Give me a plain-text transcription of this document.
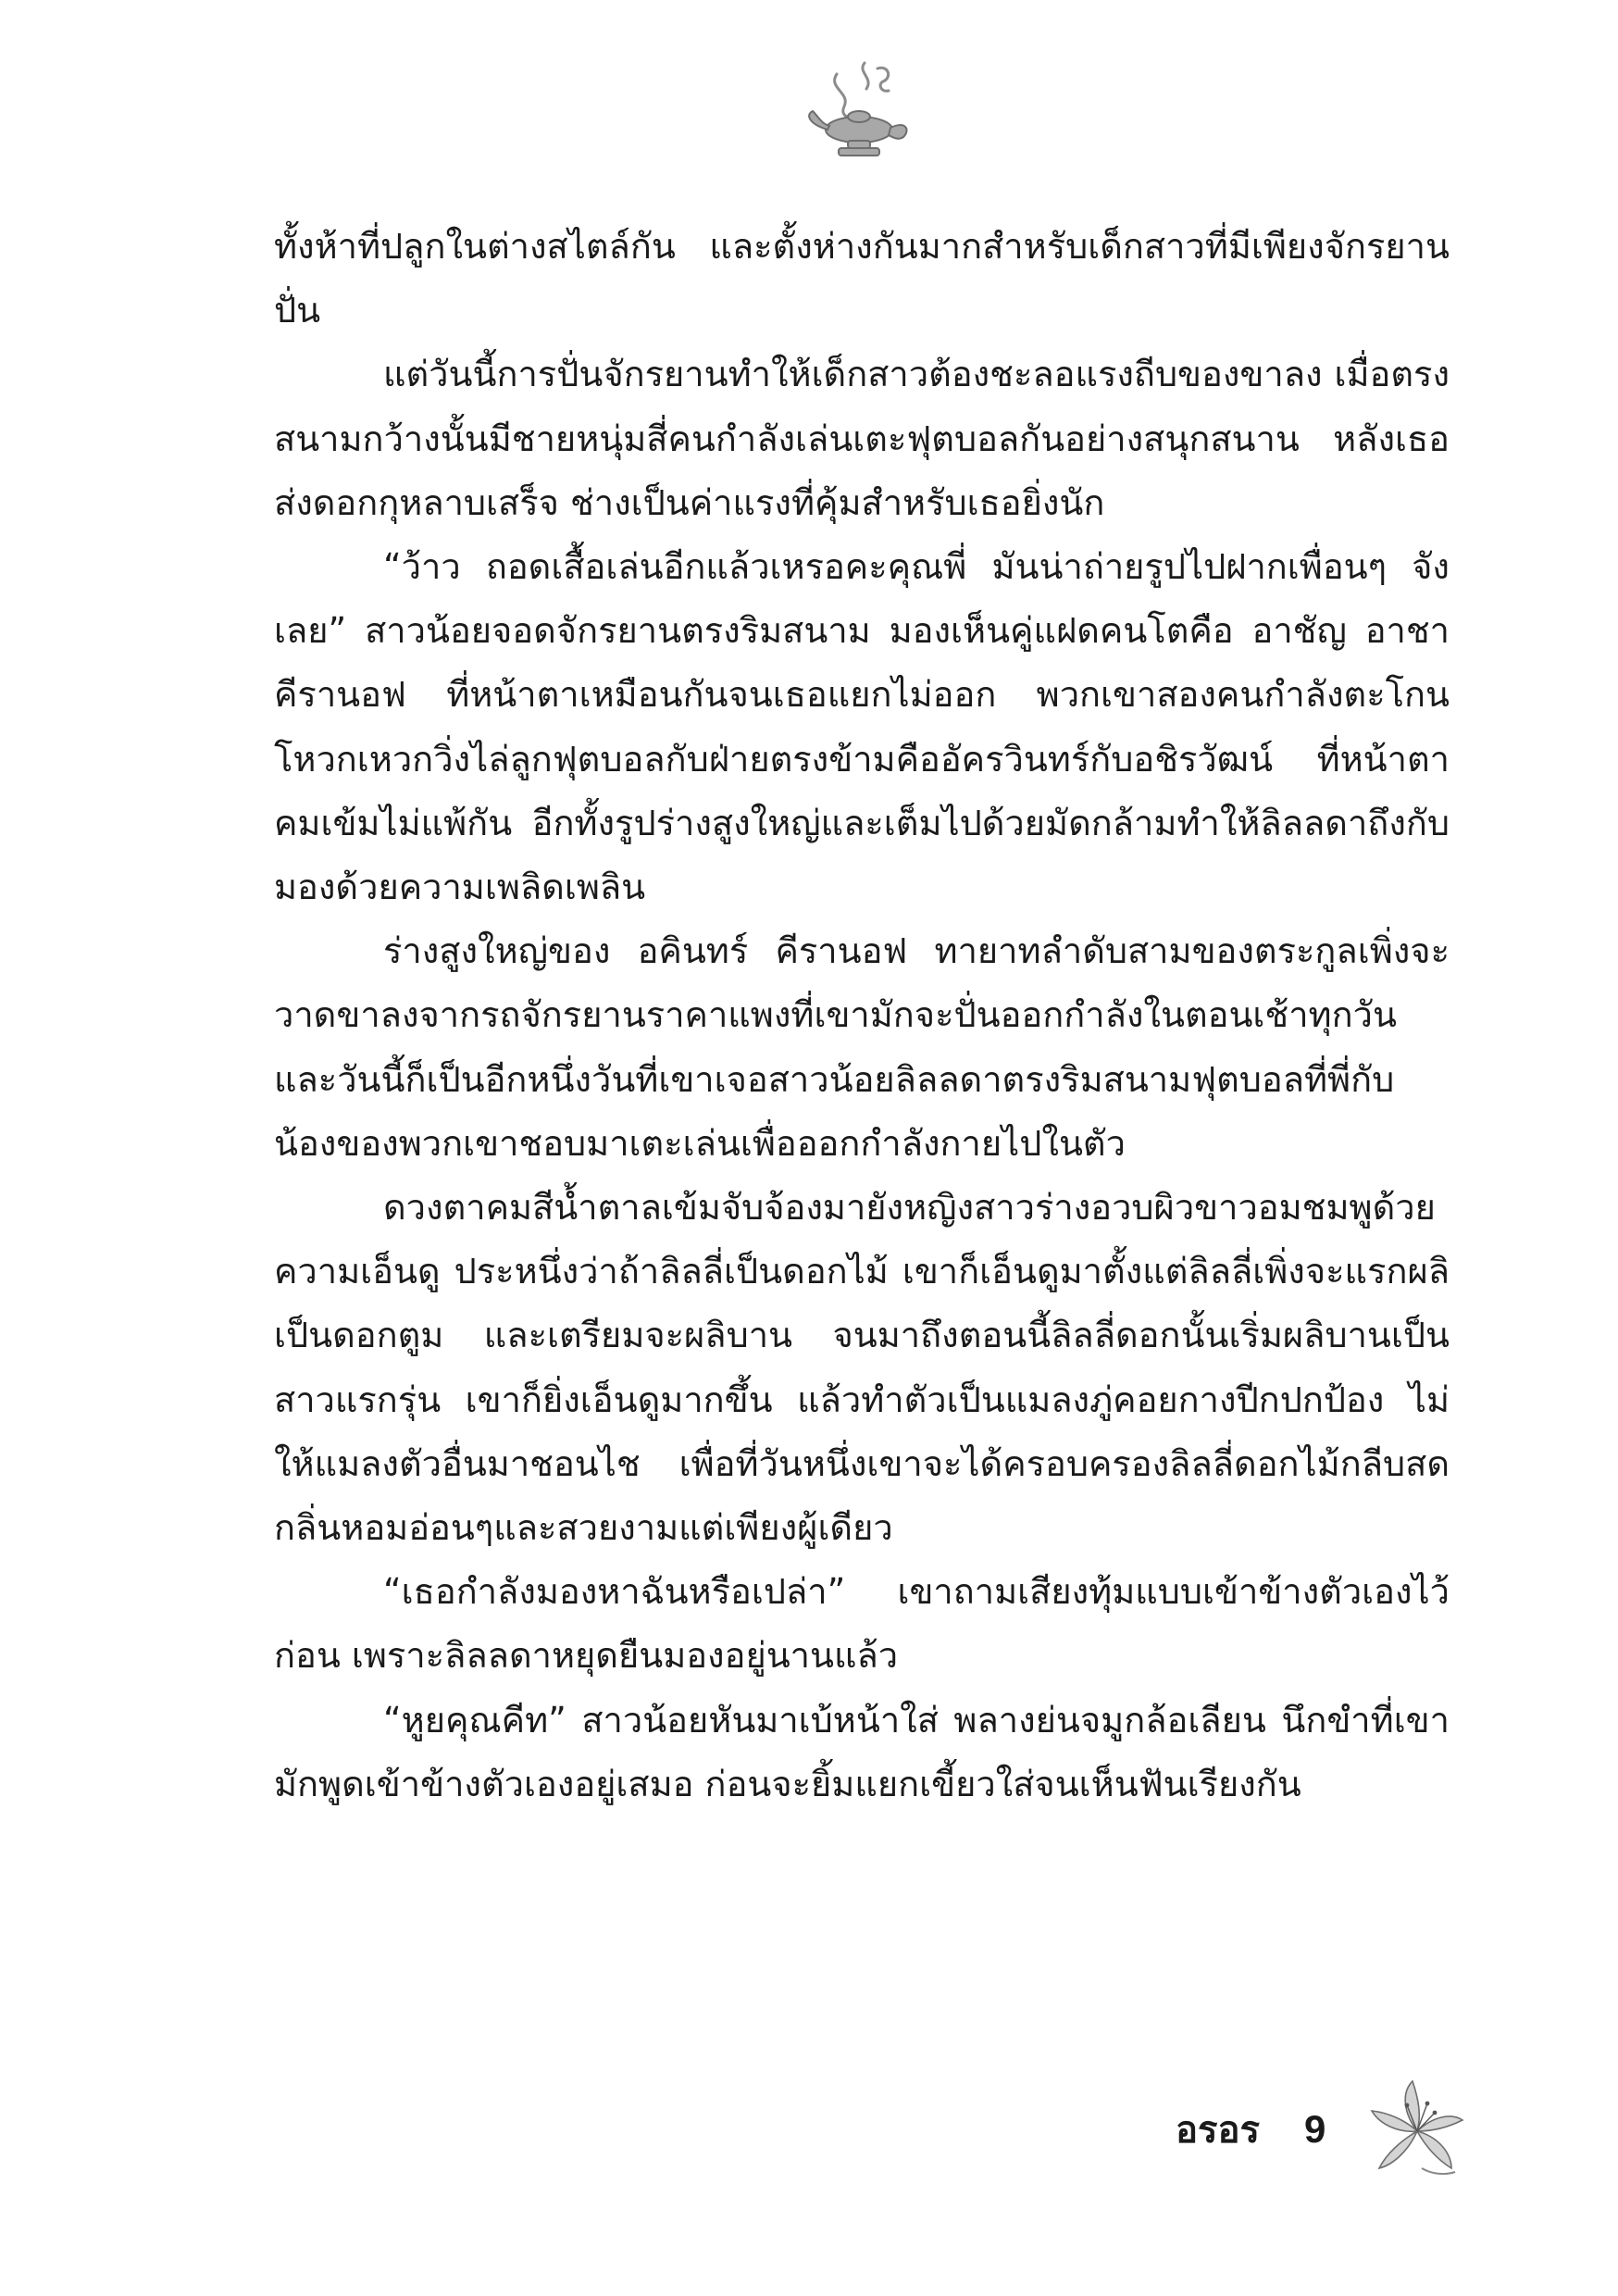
ทั้งห้าที่ปลูกในต่างสไตล์กัน และตั้งห่างกันมากสำหรับเด็กสาวที่มีเพียงจักรยานปั่น

แต่วันนี้การปั่นจักรยานทำให้เด็กสาวต้องชะลอแรงถีบของขาลง เมื่อตรงสนามกว้างนั้นมีชายหนุ่มสี่คนกำลังเล่นเตะฟุตบอลกันอย่างสนุกสนาน หลังเธอส่งดอกกุหลาบเสร็จ ช่างเป็นค่าแรงที่คุ้มสำหรับเธอยิ่งนัก

“ว้าว ถอดเสื้อเล่นอีกแล้วเหรอคะคุณพี่ มันน่าถ่ายรูปไปฝากเพื่อนๆ จังเลย” สาวน้อยจอดจักรยานตรงริมสนาม มองเห็นคู่แฝดคนโตคือ อาชัญ อาชา คีรานอฟ ที่หน้าตาเหมือนกันจนเธอแยกไม่ออก พวกเขาสองคนกำลังตะโกนโหวกเหวกวิ่งไล่ลูกฟุตบอลกับฝ่ายตรงข้ามคืออัครวินทร์กับอชิรวัฒน์ ที่หน้าตาคมเข้มไม่แพ้กัน อีกทั้งรูปร่างสูงใหญ่และเต็มไปด้วยมัดกล้ามทำให้ลิลลดาถึงกับมองด้วยความเพลิดเพลิน

ร่างสูงใหญ่ของ อคินทร์ คีรานอฟ ทายาทลำดับสามของตระกูลเพิ่งจะวาดขาลงจากรถจักรยานราคาแพงที่เขามักจะปั่นออกกำลังในตอนเช้าทุกวัน และวันนี้ก็เป็นอีกหนึ่งวันที่เขาเจอสาวน้อยลิลลดาตรงริมสนามฟุตบอลที่พี่กับน้องของพวกเขาชอบมาเตะเล่นเพื่อออกกำลังกายไปในตัว

ดวงตาคมสีน้ำตาลเข้มจับจ้องมายังหญิงสาวร่างอวบผิวขาวอมชมพูด้วยความเอ็นดู ประหนึ่งว่าถ้าลิลลี่เป็นดอกไม้ เขาก็เอ็นดูมาตั้งแต่ลิลลี่เพิ่งจะแรกผลิเป็นดอกตูม และเตรียมจะผลิบาน จนมาถึงตอนนี้ลิลลี่ดอกนั้นเริ่มผลิบานเป็นสาวแรกรุ่น เขาก็ยิ่งเอ็นดูมากขึ้น แล้วทำตัวเป็นแมลงภู่คอยกางปีกปกป้อง ไม่ให้แมลงตัวอื่นมาชอนไช เพื่อที่วันหนึ่งเขาจะได้ครอบครองลิลลี่ดอกไม้กลีบสด กลิ่นหอมอ่อนๆและสวยงามแต่เพียงผู้เดียว

“เธอกำลังมองหาฉันหรือเปล่า” เขาถามเสียงทุ้มแบบเข้าข้างตัวเองไว้ก่อน เพราะลิลลดาหยุดยืนมองอยู่นานแล้ว

“หูยคุณคีท” สาวน้อยหันมาเบ้หน้าใส่ พลางย่นจมูกล้อเลียน นึกขำที่เขามักพูดเข้าข้างตัวเองอยู่เสมอ ก่อนจะยิ้มแยกเขี้ยวใส่จนเห็นฟันเรียงกัน

อรอร 9
